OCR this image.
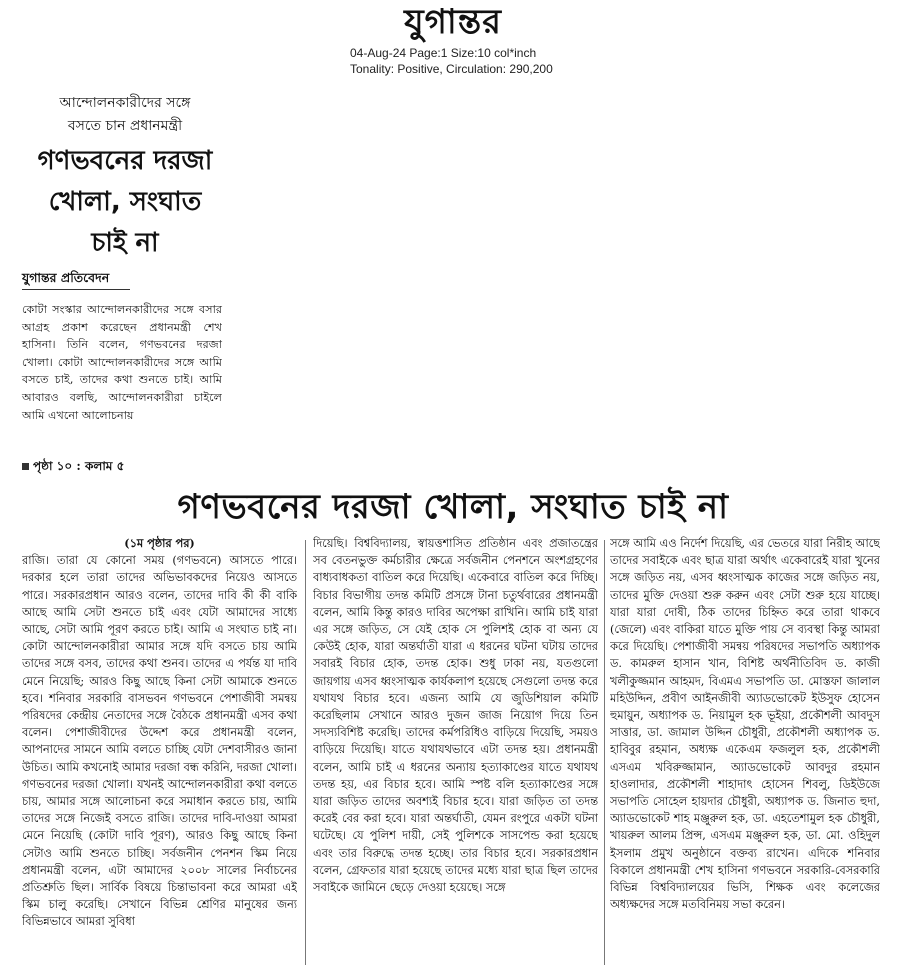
যুগান্তর
04-Aug-24 Page:1 Size:10 col*inch
Tonality: Positive, Circulation: 290,200
আন্দোলনকারীদের সঙ্গে
বসতে চান প্রধানমন্ত্রী
গণভবনের দরজা
খোলা, সংঘাত
চাই না
যুগান্তর প্রতিবেদন

কোটা সংস্কার আন্দোলনকারীদের সঙ্গে বসার আগ্রহ প্রকাশ করেছেন প্রধানমন্ত্রী শেখ হাসিনা। তিনি বলেন, গণভবনের দরজা খোলা। কোটা আন্দোলনকারীদের সঙ্গে আমি বসতে চাই, তাদের কথা শুনতে চাই। আমি আবারও বলছি, আন্দোলনকারীরা চাইলে আমি এখনো আলোচনায়

পৃষ্ঠা ১০ : কলাম ৫
গণভবনের দরজা খোলা, সংঘাত চাই না

(১ম পৃষ্ঠার পর)

রাজি। তারা যে কোনো সময় (গণভবনে) আসতে পারে। দরকার হলে তারা তাদের অভিভাবকদের নিয়েও আসতে পারে। সরকারপ্রধান আরও বলেন, তাদের দাবি কী কী বাকি আছে আমি সেটা শুনতে চাই এবং যেটা আমাদের সাধ্যে আছে, সেটা আমি পূরণ করতে চাই। আমি এ সংঘাত চাই না। কোটা আন্দোলনকারীরা আমার সঙ্গে যদি বসতে চায় আমি তাদের সঙ্গে বসব, তাদের কথা শুনব। তাদের এ পর্যন্ত যা দাবি মেনে নিয়েছি; আরও কিছু আছে কিনা সেটা আমাকে শুনতে হবে। শনিবার সরকারি বাসভবন গণভবনে পেশাজীবী সমন্বয় পরিষদের কেন্দ্রীয় নেতাদের সঙ্গে বৈঠকে প্রধানমন্ত্রী এসব কথা বলেন। পেশাজীবীদের উদ্দেশ করে প্রধানমন্ত্রী বলেন, আপনাদের সামনে আমি বলতে চাচ্ছি যেটা দেশবাসীরও জানা উচিত। আমি কখনোই আমার দরজা বন্ধ করিনি, দরজা খোলা। গণভবনের দরজা খোলা। যখনই আন্দোলনকারীরা কথা বলতে চায়, আমার সঙ্গে আলোচনা করে সমাধান করতে চায়, আমি তাদের সঙ্গে নিজেই বসতে রাজি। তাদের দাবি-দাওয়া আমরা মেনে নিয়েছি (কোটা দাবি পূরণ), আরও কিছু আছে কিনা সেটাও আমি শুনতে চাচ্ছি। সর্বজনীন পেনশন স্কিম নিয়ে প্রধানমন্ত্রী বলেন, এটা আমাদের ২০০৮ সালের নির্বাচনের প্রতিশ্রুতি ছিল। সার্বিক বিষয়ে চিন্তাভাবনা করে আমরা এই স্কিম চালু করেছি। সেখানে বিভিন্ন শ্রেণির মানুষের জন্য বিভিন্নভাবে আমরা সুবিধা

দিয়েছি। বিশ্ববিদ্যালয়, স্বায়ত্তশাসিত প্রতিষ্ঠান এবং প্রজাতন্ত্রের সব বেতনভুক্ত কর্মচারীর ক্ষেত্রে সর্বজনীন পেনশনে অংশগ্রহণের বাধ্যবাধকতা বাতিল করে দিয়েছি। একেবারে বাতিল করে দিচ্ছি। বিচার বিভাগীয় তদন্ত কমিটি প্রসঙ্গে টানা চতুর্থবারের প্রধানমন্ত্রী বলেন, আমি কিন্তু কারও দাবির অপেক্ষা রাখিনি। আমি চাই যারা এর সঙ্গে জড়িত, সে যেই হোক সে পুলিশই হোক বা অন্য যে কেউই হোক, যারা অন্তর্ঘাতী যারা এ ধরনের ঘটনা ঘটায় তাদের সবারই বিচার হোক, তদন্ত হোক। শুধু ঢাকা নয়, যতগুলো জায়গায় এসব ধ্বংসাত্মক কার্যকলাপ হয়েছে সেগুলো তদন্ত করে যথাযথ বিচার হবে। এজন্য আমি যে জুডিশিয়াল কমিটি করেছিলাম সেখানে আরও দুজন জাজ নিয়োগ দিয়ে তিন সদস্যবিশিষ্ট করেছি। তাদের কর্মপরিধিও বাড়িয়ে দিয়েছি, সময়ও বাড়িয়ে দিয়েছি। যাতে যথাযথভাবে এটা তদন্ত হয়। প্রধানমন্ত্রী বলেন, আমি চাই এ ধরনের অন্যায় হত্যাকাণ্ডের যাতে যথাযথ তদন্ত হয়, এর বিচার হবে। আমি স্পষ্ট বলি হত্যাকাণ্ডের সঙ্গে যারা জড়িত তাদের অবশ্যই বিচার হবে। যারা জড়িত তা তদন্ত করেই বের করা হবে। যারা অন্তর্ঘাতী, যেমন রংপুরে একটা ঘটনা ঘটেছে। যে পুলিশ দায়ী, সেই পুলিশকে সাসপেন্ড করা হয়েছে এবং তার বিরুদ্ধে তদন্ত হচ্ছে। তার বিচার হবে। সরকারপ্রধান বলেন, গ্রেফতার যারা হয়েছে তাদের মধ্যে যারা ছাত্র ছিল তাদের সবাইকে জামিনে ছেড়ে দেওয়া হয়েছে। সঙ্গে

সঙ্গে আমি এও নির্দেশ দিয়েছি, এর ভেতরে যারা নিরীহ আছে তাদের সবাইকে এবং ছাত্র যারা অর্থাৎ একেবারেই যারা খুনের সঙ্গে জড়িত নয়, এসব ধ্বংসাত্মক কাজের সঙ্গে জড়িত নয়, তাদের মুক্তি দেওয়া শুরু করুন এবং সেটা শুরু হয়ে যাচ্ছে। যারা যারা দোষী, ঠিক তাদের চিহ্নিত করে তারা থাকবে (জেলে) এবং বাকিরা যাতে মুক্তি পায় সে ব্যবস্থা কিন্তু আমরা করে দিয়েছি। পেশাজীবী সমন্বয় পরিষদের সভাপতি অধ্যাপক ড. কামরুল হাসান খান, বিশিষ্ট অর্থনীতিবিদ ড. কাজী খলীকুজ্জমান আহমদ, বিএমএ সভাপতি ডা. মোস্তফা জালাল মহিউদ্দিন, প্রবীণ আইনজীবী অ্যাডভোকেট ইউসুফ হোসেন হুমায়ুন, অধ্যাপক ড. নিয়ামুল হক ভূইয়া, প্রকৌশলী আবদুস সাত্তার, ডা. জামাল উদ্দিন চৌধুরী, প্রকৌশলী অধ্যাপক ড. হাবিবুর রহমান, অধ্যক্ষ একেএম ফজলুল হক, প্রকৌশলী এসএম খবিরুজ্জামান, অ্যাডভোকেট আবদুর রহমান হাওলাদার, প্রকৌশলী শাহাদাৎ হোসেন শিবলু, ডিইউজে সভাপতি সোহেল হায়দার চৌধুরী, অধ্যাপক ড. জিনাত হুদা, অ্যাডভোকেট শাহ মঞ্জুরুল হক, ডা. এহতেশামুল হক চৌধুরী, খায়রুল আলম প্রিন্স, এসএম মঞ্জুরুল হক, ডা. মো. ওহিদুল ইসলাম প্রমুখ অনুষ্ঠানে বক্তব্য রাখেন। এদিকে শনিবার বিকালে প্রধানমন্ত্রী শেখ হাসিনা গণভবনে সরকারি-বেসরকারি বিভিন্ন বিশ্ববিদ্যালয়ের ভিসি, শিক্ষক এবং কলেজের অধ্যক্ষদের সঙ্গে মতবিনিময় সভা করেন।
